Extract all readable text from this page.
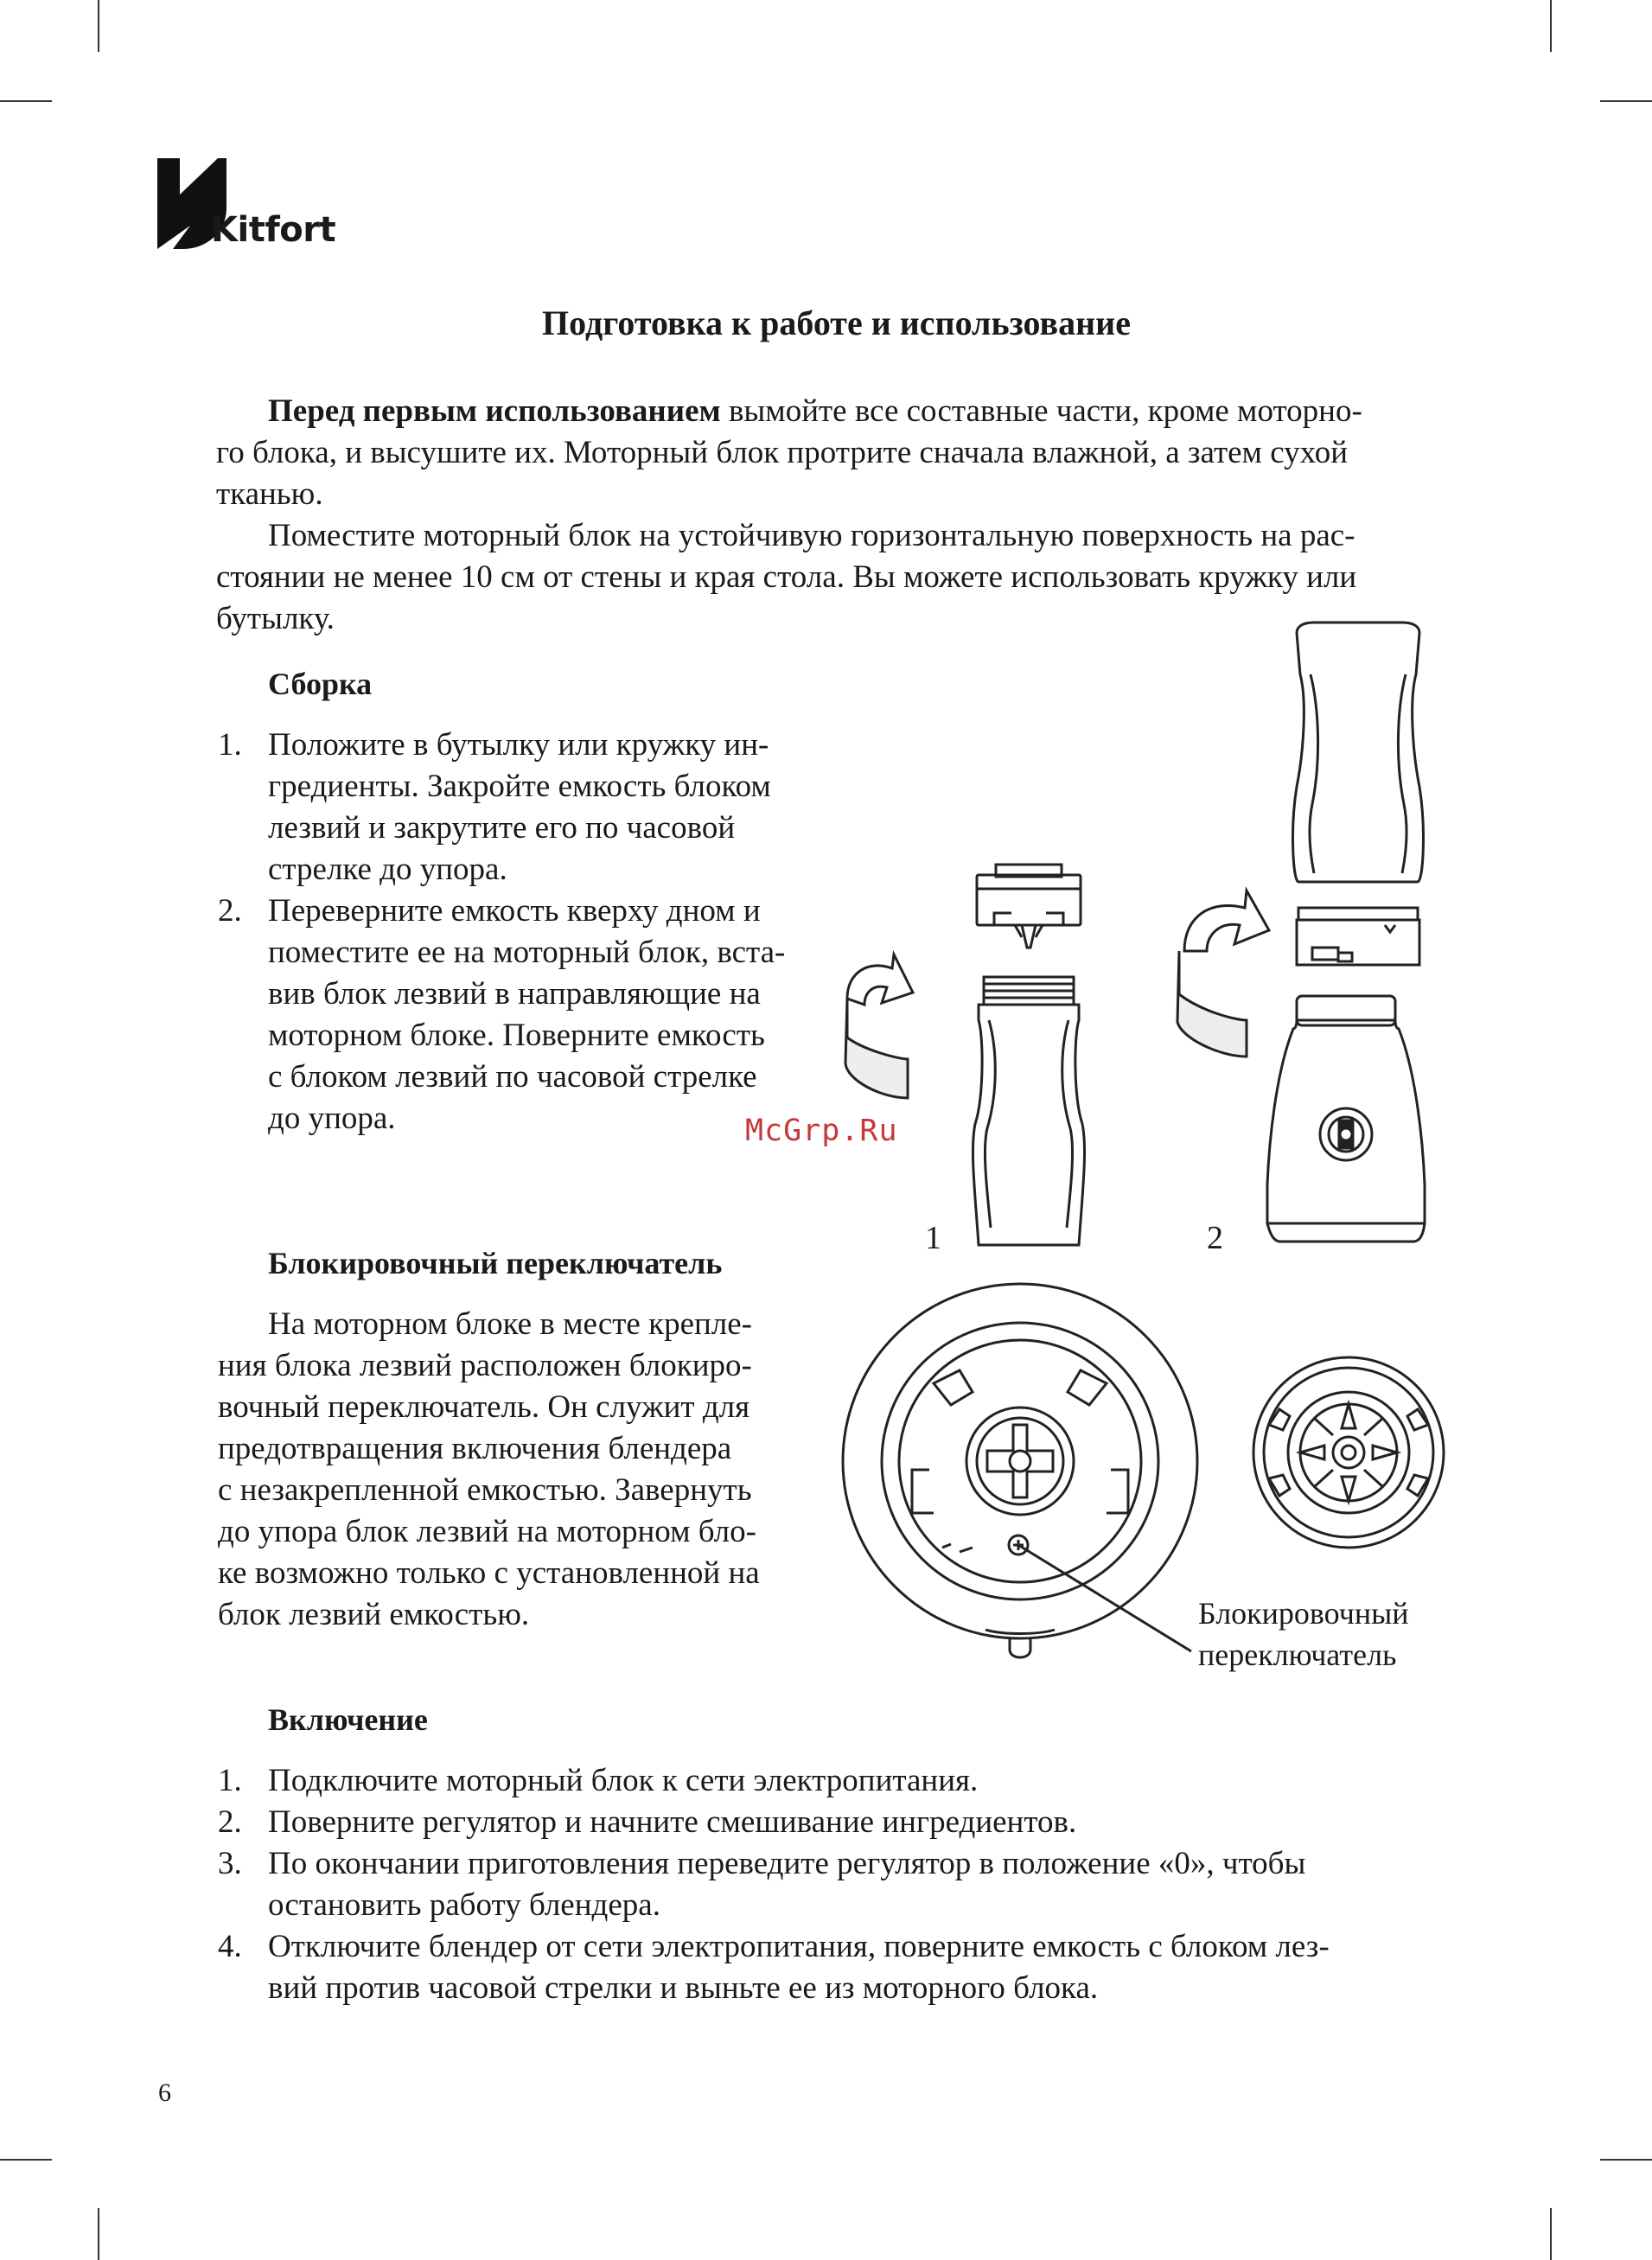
Kitfort
Подготовка к работе и использование
Перед первым использованием вымойте все составные части, кроме моторно-
го блока, и высушите их. Моторный блок протрите сначала влажной, а затем сухой
тканью.
Поместите моторный блок на устойчивую горизонтальную поверхность на рас-
стоянии не менее 10 см от стены и края стола. Вы можете использовать кружку или
бутылку.
Сборка
1. Положите в бутылку или кружку ин-
гредиенты. Закройте емкость блоком
лезвий и закрутите его по часовой
стрелке до упора.
2. Переверните емкость кверху дном и
поместите ее на моторный блок, вста-
вив блок лезвий в направляющие на
моторном блоке. Поверните емкость
с блоком лезвий по часовой стрелке
до упора.	McGrp.Ru
1	2
Блокировочный переключатель
На моторном блоке в месте крепле-
ния блока лезвий расположен блокиро-
вочный переключатель. Он служит для
предотвращения включения блендера
с незакрепленной емкостью. Завернуть
до упора блок лезвий на моторном бло-
ке возможно только с установленной на
блок лезвий емкостью.	Блокировочный
переключатель
Включение
1. Подключите моторный блок к сети электропитания.
2. Поверните регулятор и начните смешивание ингредиентов.
3. По окончании приготовления переведите регулятор в положение «0», чтобы
остановить работу блендера.
4. Отключите блендер от сети электропитания, поверните емкость с блоком лез-
вий против часовой стрелки и выньте ее из моторного блока.
6
